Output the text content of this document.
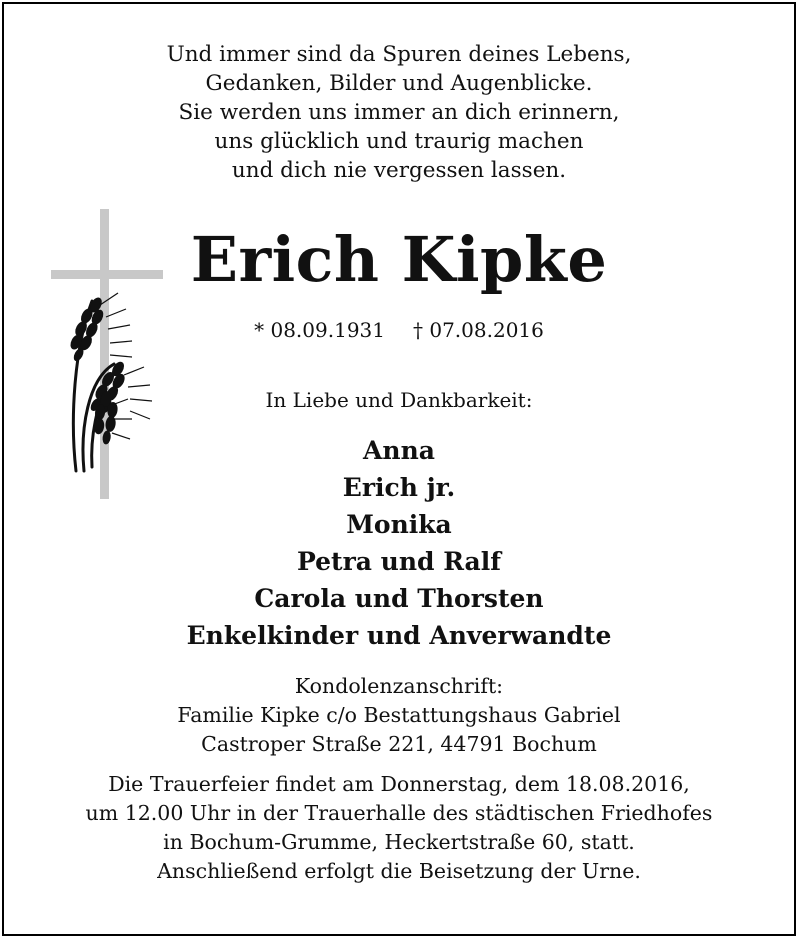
Und immer sind da Spuren deines Lebens,
Gedanken, Bilder und Augenblicke.
Sie werden uns immer an dich erinnern,
uns glücklich und traurig machen
und dich nie vergessen lassen.
Erich Kipke
* 08.09.1931 † 07.08.2016
In Liebe und Dankbarkeit:
Anna
Erich jr.
Monika
Petra und Ralf
Carola und Thorsten
Enkelkinder und Anverwandte
Kondolenzanschrift:
Familie Kipke c/o Bestattungshaus Gabriel
Castroper Straße 221, 44791 Bochum
Die Trauerfeier findet am Donnerstag, dem 18.08.2016,
um 12.00 Uhr in der Trauerhalle des städtischen Friedhofes
in Bochum-Grumme, Heckertstraße 60, statt.
Anschließend erfolgt die Beisetzung der Urne.
